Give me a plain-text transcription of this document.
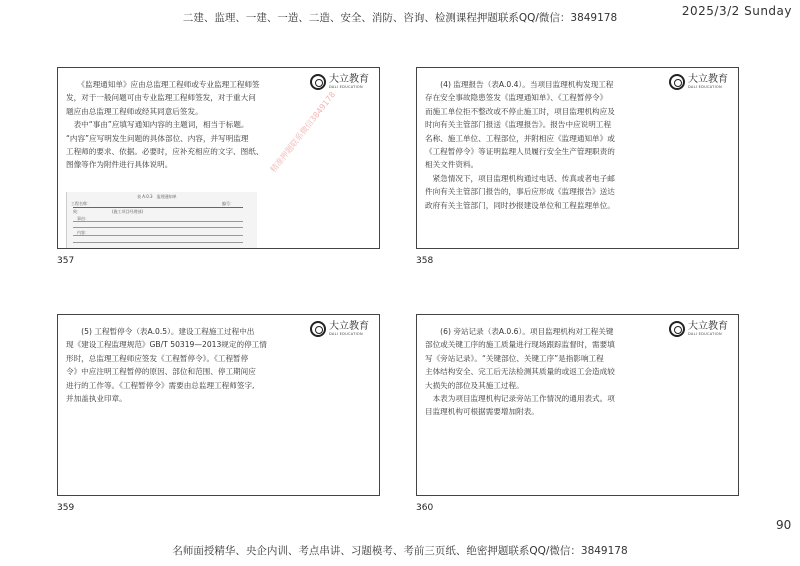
二建、监理、一建、一造、二造、安全、消防、咨询、检测课程押题联系QQ/微信：3849178	2025/3/2 Sunday
　　《监理通知单》应由总监理工程师或专业监理工程师签
发，对于一般问题可由专业监理工程师签发，对于重大问
题应由总监理工程师或经其同意后签发。
　表中“事由”应填写通知内容的主题词，相当于标题。
“内容”应写明发生问题的具体部位、内容，并写明监理
工程师的要求、依据。必要时，应补充相应的文字、图纸、
图像等作为附件进行具体说明。
大立教育
DALI EDUCATION
表 A.0.3　监理通知单
工程名称：	编号：
致：	(施工项目经理部)
事由：
内容：
精准押题联系微信3849178
357
　　(4) 监理报告（表A.0.4）。当项目监理机构发现工程
存在安全事故隐患签发《监理通知单》、《工程暂停令》
而施工单位拒不整改或不停止施工时，项目监理机构应及
时向有关主管部门报送《监理报告》。报告中应说明工程
名称、施工单位、工程部位，并附相应《监理通知单》或
《工程暂停令》等证明监理人员履行安全生产管理职责的
相关文件资料。
　紧急情况下，项目监理机构通过电话、传真或者电子邮
件向有关主管部门报告的，事后应形成《监理报告》送达
政府有关主管部门，同时抄报建设单位和工程监理单位。
大立教育
DALI EDUCATION
358
　　(5) 工程暂停令（表A.0.5）。建设工程施工过程中出
现《建设工程监理规范》GB/T 50319—2013规定的停工情
形时，总监理工程师应签发《工程暂停令》。《工程暂停
令》中应注明工程暂停的原因、部位和范围、停工期间应
进行的工作等。《工程暂停令》需要由总监理工程师签字,
并加盖执业印章。
大立教育
DALI EDUCATION
359
　　(6) 旁站记录（表A.0.6）。项目监理机构对工程关键
部位或关键工序的施工质量进行现场跟踪监督时，需要填
写《旁站记录》。“关键部位、关键工序”是指影响工程
主体结构安全、完工后无法检测其质量的或返工会造成较
大损失的部位及其施工过程。
　本表为项目监理机构记录旁站工作情况的通用表式。项
目监理机构可根据需要增加附表。
大立教育
DALI EDUCATION
360
90
名师面授精华、央企内训、考点串讲、习题模考、考前三页纸、绝密押题联系QQ/微信：3849178
